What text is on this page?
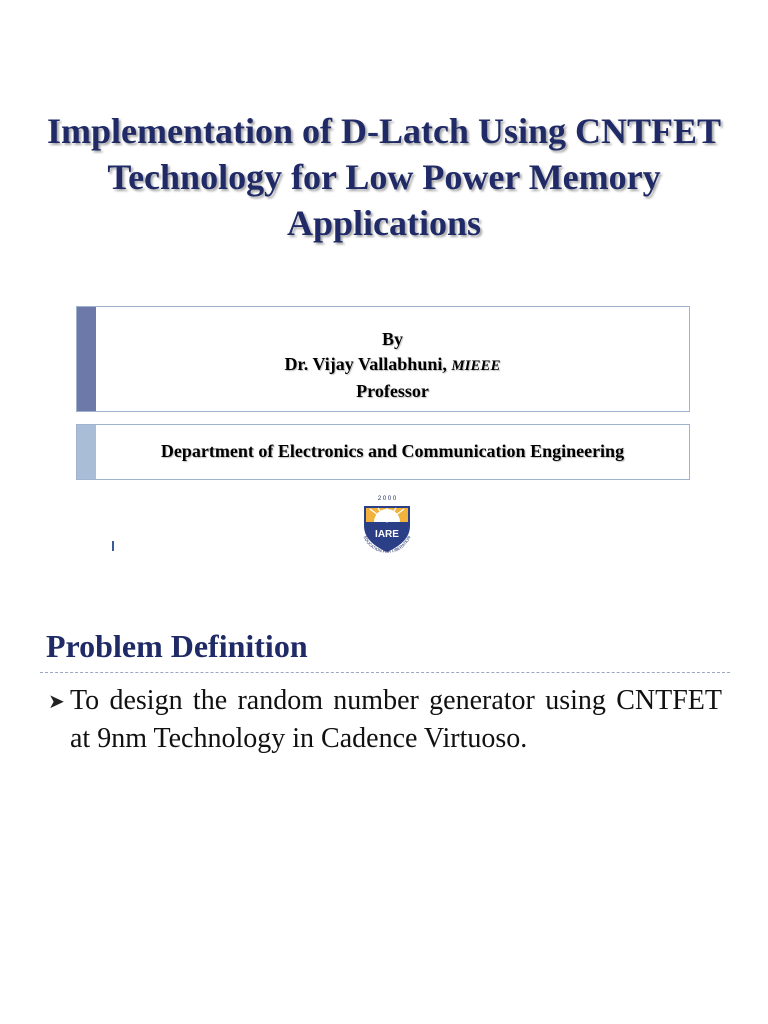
Implementation of D-Latch Using CNTFET
Technology for Low Power Memory
Applications
By
Dr. Vijay Vallabhuni, MIEEE
Professor
Department of Electronics and Communication Engineering
2 0 0 0
IARE
EDUCATION FOR LIBERATION
Problem Definition
➤ To design the random number generator using CNTFET at 9nm Technology in Cadence Virtuoso.
